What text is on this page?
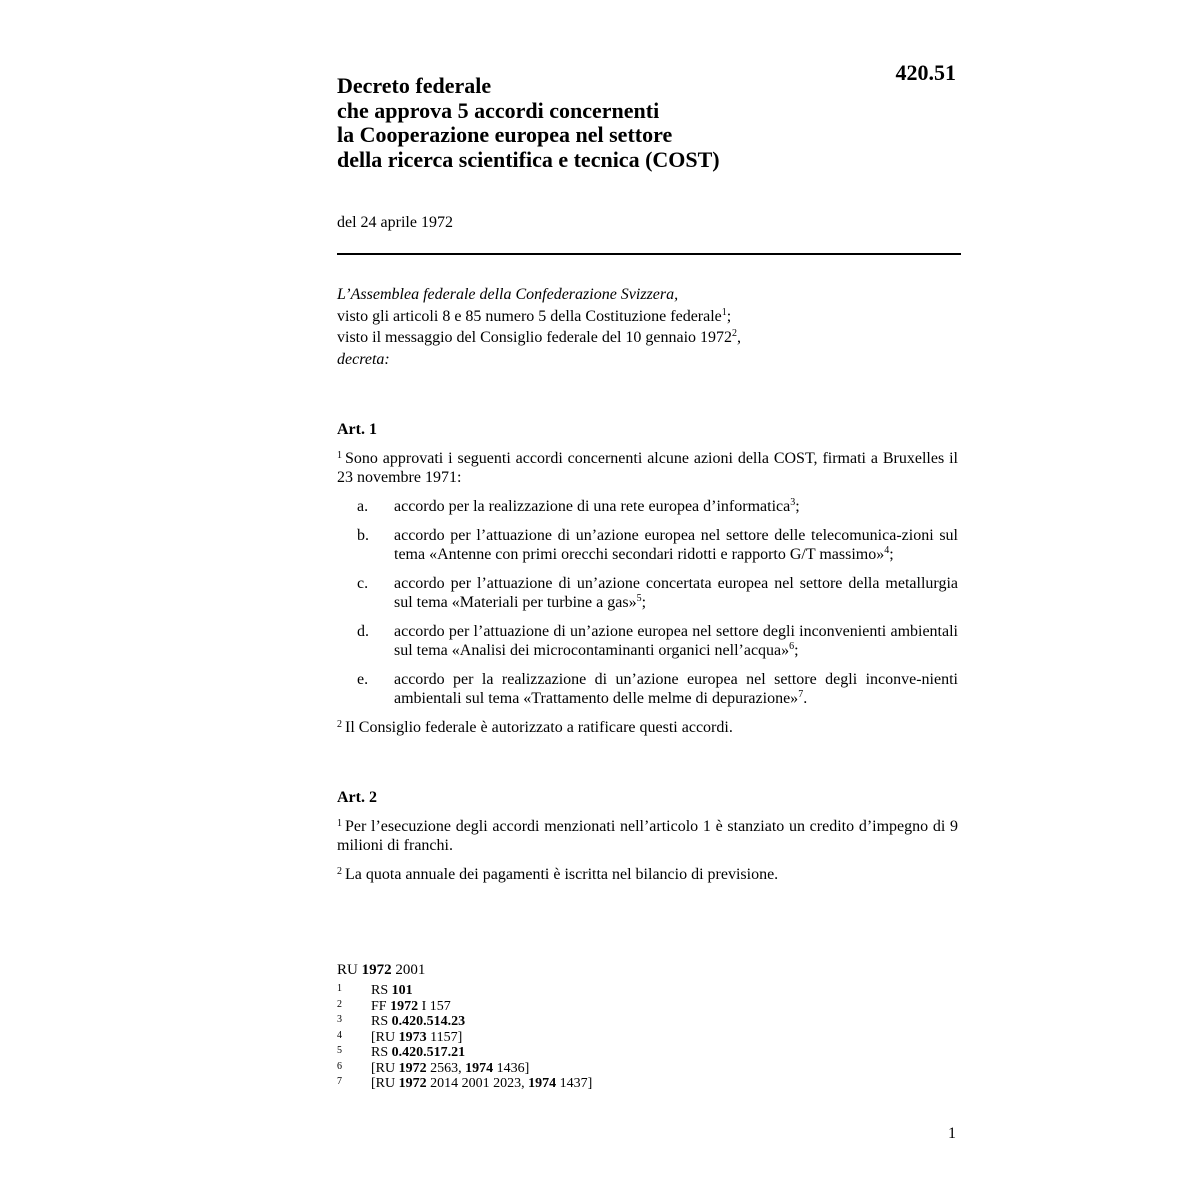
420.51
Decreto federale
che approva 5 accordi concernenti
la Cooperazione europea nel settore
della ricerca scientifica e tecnica (COST)
del 24 aprile 1972
L’Assemblea federale della Confederazione Svizzera,
visto gli articoli 8 e 85 numero 5 della Costituzione federale$^1$;
visto il messaggio del Consiglio federale del 10 gennaio 1972$^2$,
decreta:
Art. 1
$^1$ Sono approvati i seguenti accordi concernenti alcune azioni della COST, firmati a Bruxelles il 23 novembre 1971:
a.	accordo per la realizzazione di una rete europea d’informatica$^3$;
b.	accordo per l’attuazione di un’azione europea nel settore delle telecomunica-zioni sul tema «Antenne con primi orecchi secondari ridotti e rapporto G/T massimo»$^4$;
c.	accordo per l’attuazione di un’azione concertata europea nel settore della metallurgia sul tema «Materiali per turbine a gas»$^5$;
d.	accordo per l’attuazione di un’azione europea nel settore degli inconvenienti ambientali sul tema «Analisi dei microcontaminanti organici nell’acqua»$^6$;
e.	accordo per la realizzazione di un’azione europea nel settore degli inconve-nienti ambientali sul tema «Trattamento delle melme di depurazione»$^7$.
$^2$ Il Consiglio federale è autorizzato a ratificare questi accordi.
Art. 2
$^1$ Per l’esecuzione degli accordi menzionati nell’articolo 1 è stanziato un credito d’impegno di 9 milioni di franchi.
$^2$ La quota annuale dei pagamenti è iscritta nel bilancio di previsione.
RU 1972 2001
1	RS 101
2	FF 1972 I 157
3	RS 0.420.514.23
4	[RU 1973 1157]
5	RS 0.420.517.21
6	[RU 1972 2563, 1974 1436]
7	[RU 1972 2014 2001 2023, 1974 1437]
1
